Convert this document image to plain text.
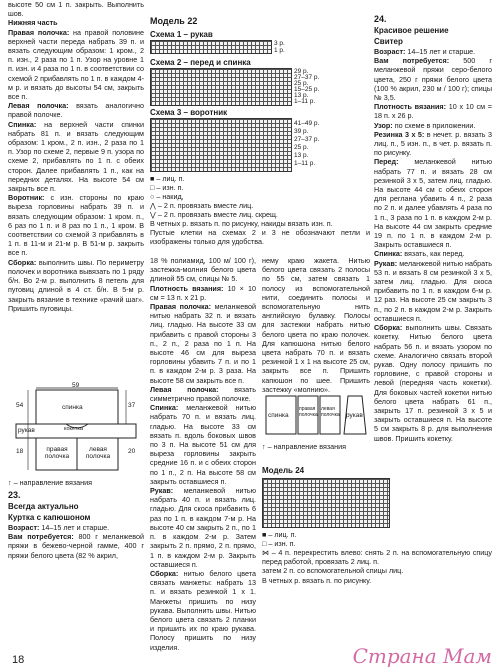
высоте 50 см 1 п. закрыть. Выполнить шов.

Нижняя часть

Правая полочка: на правой половине верхней части переда набрать 39 п. и вязать следующим образом: 1 кром., 2 п. изн., 2 раза по 1 п. Узор на уровне 1 п. изн. и 4 раза по 1 п. в соответствии со схемой 2 прибавлять по 1 п. в каждом 4-м р. и вязать до высоты 54 см, закрыть все п.

Левая полочка: вязать аналогично правой полочке.

Спинка: на верхней части спинки набрать 81 п. и вязать следующим образом: 1 кром., 2 п. изн., 2 раза по 1 п. Узор по схеме 2, первые 9 п. узора по схеме 2, прибавлять по 1 п. с обеих сторон. Далее прибавлять 1 п., как на передних деталях. На высоте 54 см закрыть все п.

Воротник: с изн. стороны по краю выреза горловины набрать 39 п. и вязать следующим образом: 1 кром. п., 6 раз по 1 п. и 8 раз по 1 п., 1 кром. В соответствии со схемой 3 прибавлять в 1 п. в 11-м и 21-м р. В 51-м р. закрыть все п.

Сборка: выполнить швы. По периметру полочек и воротника вывязать по 1 ряду б/н. Во 2-м р. выполнить 8 петель для пуговиц длиной в 4 ст. б/н. В 5-м р. закрыть вязание в технике «рачий шаг». Пришить пуговицы.

59
спинка
рукав	кокетка
правая полочка
левая полочка
54	37
18	20
↑ – направление вязания

23.

Всегда актуально

Куртка с капюшоном

Возраст: 14–15 лет и старше.

Вам потребуется: 800 г меланжевой пряжи в бежево-черной гамме, 400 г пряжи белого цвета (82 % акрил,

Модель 22
Схема 1 – рукав
3 р.
1 р.
Схема 2 – перед и спинка
29 р.
27–37 р.
25 р.
15–25 р.
13 р.
1–11 р.
Схема 3 – воротник
41–49 р.
39 р.
27–37 р.
25 р.
13 р.
1–11 р.
■ – лиц. п.
□ – изн. п.
○ – накид,
⋀ – 2 п. провязать вместе лиц.
⋁ – 2 п. провязать вместе лиц. скрещ.

В четных р. вязать п. по рисунку, накиды вязать изн. п.

Пустые клетки на схемах 2 и 3 не обозначают петли и изображены только для удобства.

18 % полиамид, 100 м/ 100 г), застежка-молния белого цвета длиной 55 см, спицы № 5.

Плотность вязания: 10 × 10 см = 13 п. х 21 р.

Правая полочка: меланжевой нитью набрать 32 п. и вязать лиц. гладью. На высоте 33 см прибавить с правой стороны 3 п., 2 п., 2 раза по 1 п. На высоте 46 см для выреза горловины убавить 7 п. и по 1 п. в каждом 2-м р. 3 раза. На высоте 58 см закрыть все п.

Левая полочка: вязать симметрично правой полочке.

Спинка: меланжевой нитью набрать 70 п. и вязать лиц. гладью. На высоте 33 см вязать п. вдоль боковых швов по 3 п. На высоте 51 см для выреза горловины закрыть средние 16 п. и с обеих сторон по 1 п., 2 п. На высоте 58 см закрыть оставшиеся п.

Рукав: меланжевой нитью набрать 40 п. и вязать лиц. гладью. Для скоса прибавить 6 раз по 1 п. в каждом 7-м р. На высоте 40 см закрыть 2 п., по 1 п. в каждом 2-м р. Затем закрыть 2 п. прямо, 2 п. прямо, 1 п. в каждом 2-м р. Закрыть оставшиеся п.

Сборка: нитью белого цвета связать манжеты: набрать 13 п. и вязать резинкой 1 х 1. Манжеты пришить по низу рукава. Выполнить швы. Нитью белого цвета связать 2 планки и пришить их по краю рукава. Полосу пришить по низу изделия.

нему краю жакета. Нитью белого цвета связать 2 полосы по 55 см, затем связать 1 полосу из вспомогательной нити, соединить полосы и вспомогательную нить английскую булавку. Полосы для застежки набрать нитью белого цвета по краю полочек. Для капюшона нитью белого цвета набрать 70 п. и вязать резинкой 1 х 1 на высоте 25 см, закрыть все п. Пришить капюшон по шее. Пришить застежку «молнию».

спинка
правая полочка
левая полочка рукав
↑ – направление вязания
Модель 24
■ – лиц. п.
□ – изн. п.

⋈ – 4 п. перекрестить влево: снять 2 п. на вспомогательную спицу перед работой, провязать 2 лиц. п.

затем 2 п. со вспомогательной спицы лиц.

В четных р. вязать п. по рисунку.

24.

Красивое решение

Свитер

Возраст: 14–15 лет и старше.

Вам потребуется: 500 г меланжевой пряжи серо-белого цвета, 250 г пряжи белого цвета (100 % акрил, 230 м / 100 г); спицы № 3,5.

Плотность вязания: 10 х 10 см = 18 п. х 26 р.

Узор: по схеме в приложении.

Резинка 3 х 5: в нечет. р. вязать 3 лиц. п., 5 изн. п., в чет. р. вязать п. по рисунку.

Перед: меланжевой нитью набрать 77 п. и вязать 28 см резинкой 3 х 5, затем лиц. гладью. На высоте 44 см с обеих сторон для реглана убавить 4 п., 2 раза по 2 п. и далее убавлять 4 раза по 1 п., 3 раза по 1 п. в каждом 2-м р. На высоте 44 см закрыть средние 19 п. по 1 п. в каждом 2-м р. Закрыть оставшиеся п.

Спинка: вязать, как перед.

Рукав: меланжевой нитью набрать 53 п. и вязать 8 см резинкой 3 х 5, затем лиц. гладью. Для скоса прибавить по 1 п. в каждом 6-м р. 12 раз. На высоте 25 см закрыть 3 п., по 2 п. в каждом 2-м р. Закрыть оставшиеся п.

Сборка: выполнить швы. Связать кокетку. Нитью белого цвета набрать 56 п. и вязать узором по схеме. Аналогично связать второй рукав. Одну полосу пришить по горловине, с правой стороны и левой (передняя часть кокетки). Для боковых частей кокетки нитью белого цвета набрать 61 п., закрыть 17 п. резинкой 3 х 5 и закрыть оставшиеся п. На высоте 5 см закрыть 8 р. для выполнения швов. Пришить кокетку.

18	Страна Мам
